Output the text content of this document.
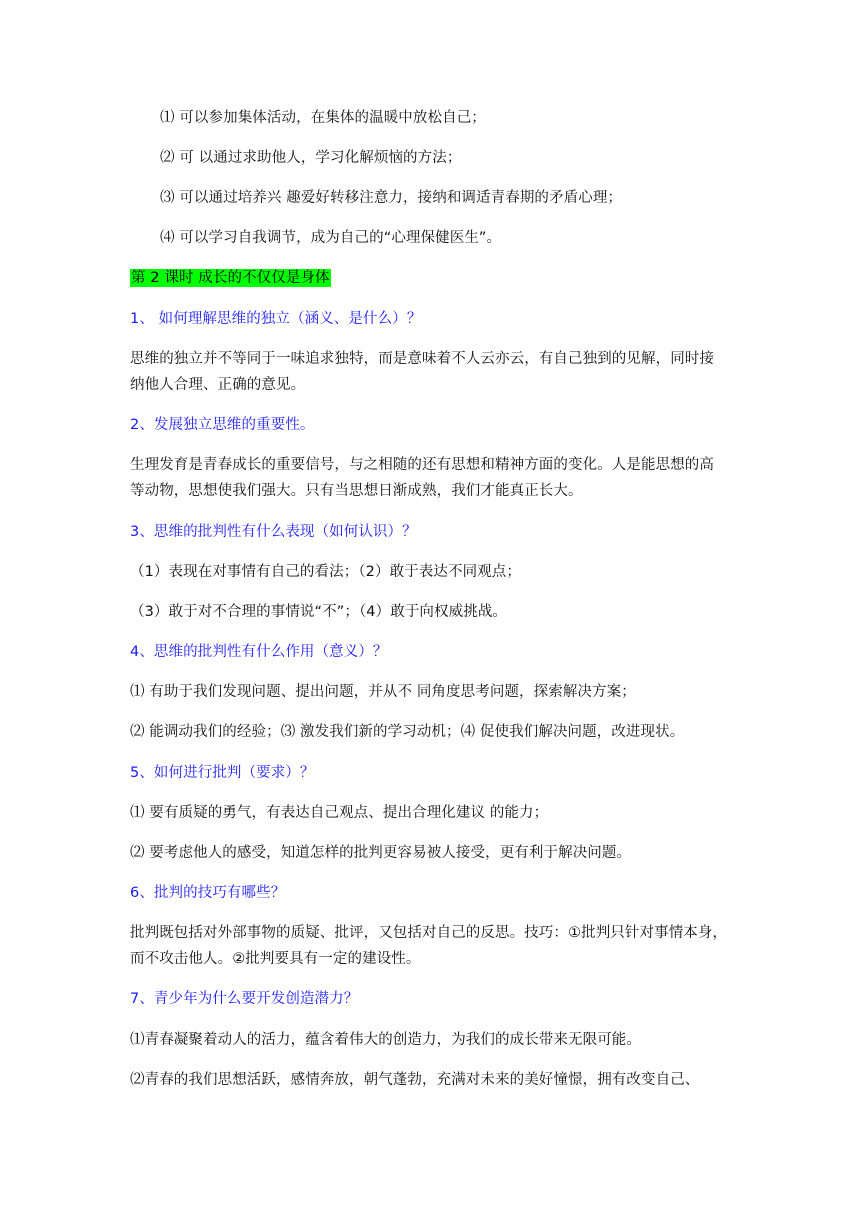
⑴ 可以参加集体活动，在集体的温暖中放松自己；
⑵ 可 以通过求助他人，学习化解烦恼的方法；
⑶ 可以通过培养兴 趣爱好转移注意力，接纳和调适青春期的矛盾心理；
⑷ 可以学习自我调节，成为自己的“心理保健医生”。
第 2 课时 成长的不仅仅是身体
1、 如何理解思维的独立（涵义、是什么）？
思维的独立并不等同于一味追求独特，而是意味着不人云亦云，有自己独到的见解，同时接
纳他人合理、正确的意见。
2、发展独立思维的重要性。
生理发育是青春成长的重要信号，与之相随的还有思想和精神方面的变化。人是能思想的高
等动物，思想使我们强大。只有当思想日渐成熟，我们才能真正长大。
3、思维的批判性有什么表现（如何认识）？
（1）表现在对事情有自己的看法；（2）敢于表达不同观点；
（3）敢于对不合理的事情说“不”；（4）敢于向权威挑战。
4、思维的批判性有什么作用（意义）？
⑴ 有助于我们发现问题、提出问题，并从不 同角度思考问题，探索解决方案；
⑵ 能调动我们的经验；⑶ 激发我们新的学习动机；⑷ 促使我们解决问题，改进现状。
5、如何进行批判（要求）？
⑴ 要有质疑的勇气，有表达自己观点、提出合理化建议 的能力；
⑵ 要考虑他人的感受，知道怎样的批判更容易被人接受，更有利于解决问题。
6、批判的技巧有哪些？
批判既包括对外部事物的质疑、批评，又包括对自己的反思。技巧：①批判只针对事情本身，
而不攻击他人。②批判要具有一定的建设性。
7、青少年为什么要开发创造潜力？
⑴青春凝聚着动人的活力，蕴含着伟大的创造力，为我们的成长带来无限可能。
⑵青春的我们思想活跃，感情奔放，朝气蓬勃，充满对未来的美好憧憬，拥有改变自己、
